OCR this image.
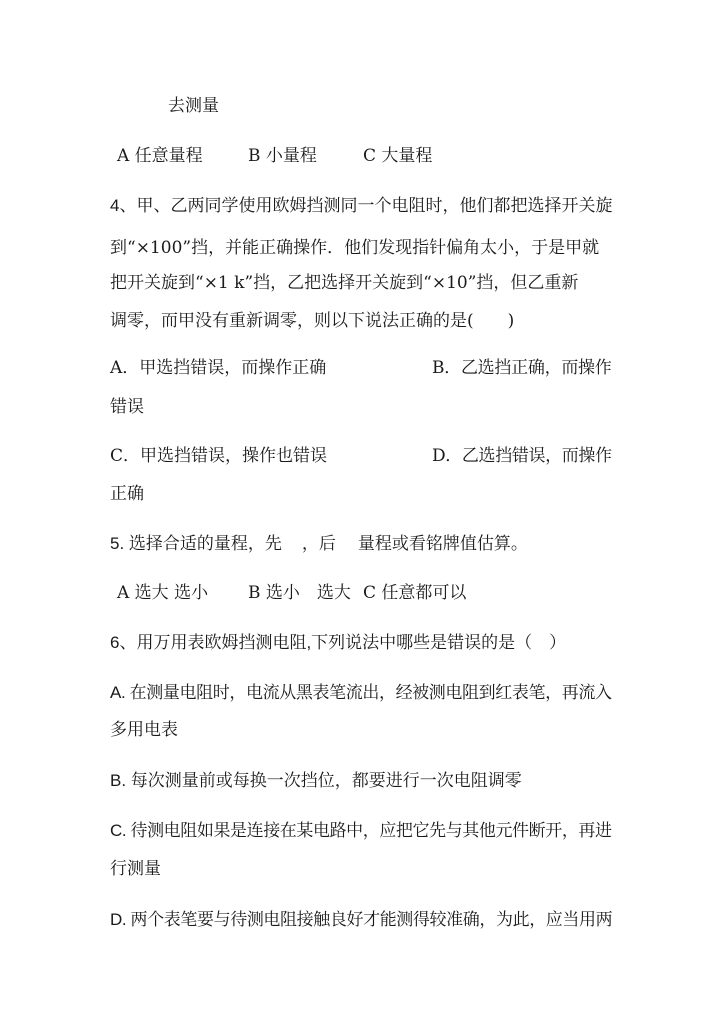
去测量
A 任意量程	B 小量程	C 大量程
4、甲、乙两同学使用欧姆挡测同一个电阻时，他们都把选择开关旋
到“×100”挡，并能正确操作．他们发现指针偏角太小，于是甲就
把开关旋到“×1 k”挡，乙把选择开关旋到“×10”挡，但乙重新
调零，而甲没有重新调零，则以下说法正确的是(　　)
A．甲选挡错误，而操作正确	B．乙选挡正确，而操作
错误
C．甲选挡错误，操作也错误	D．乙选挡错误，而操作
正确
5. 选择合适的量程，先 ，后 量程或看铭牌值估算。
A 选大 选小 B 选小　选大 C 任意都可以
6、用万用表欧姆挡测电阻,下列说法中哪些是错误的是（　）
A. 在测量电阻时，电流从黑表笔流出，经被测电阻到红表笔，再流入
多用电表
B. 每次测量前或每换一次挡位，都要进行一次电阻调零
C. 待测电阻如果是连接在某电路中，应把它先与其他元件断开，再进
行测量
D. 两个表笔要与待测电阻接触良好才能测得较准确，为此，应当用两
